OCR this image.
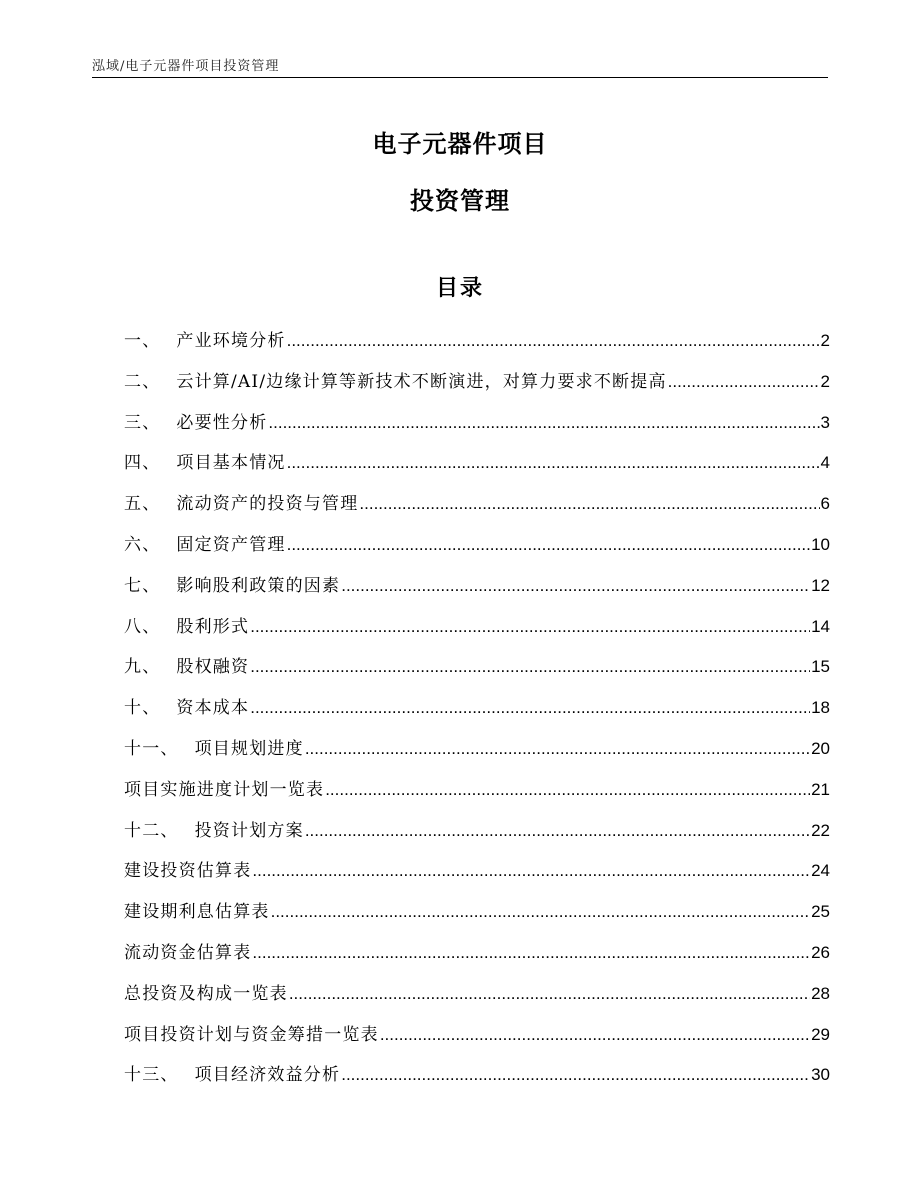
泓域/电子元器件项目投资管理
电子元器件项目
投资管理
目录
一、 产业环境分析 .....	2
二、 云计算/AI/边缘计算等新技术不断演进，对算力要求不断提高 .....	2
三、 必要性分析 .....	3
四、 项目基本情况 .....	4
五、 流动资产的投资与管理 .....	6
六、 固定资产管理 .....	10
七、 影响股利政策的因素 .....	12
八、 股利形式 .....	14
九、 股权融资 .....	15
十、 资本成本 .....	18
十一、 项目规划进度 .....	20
项目实施进度计划一览表 .....	21
十二、 投资计划方案 .....	22
建设投资估算表 .....	24
建设期利息估算表 .....	25
流动资金估算表 .....	26
总投资及构成一览表 .....	28
项目投资计划与资金筹措一览表 .....	29
十三、 项目经济效益分析 .....	30
